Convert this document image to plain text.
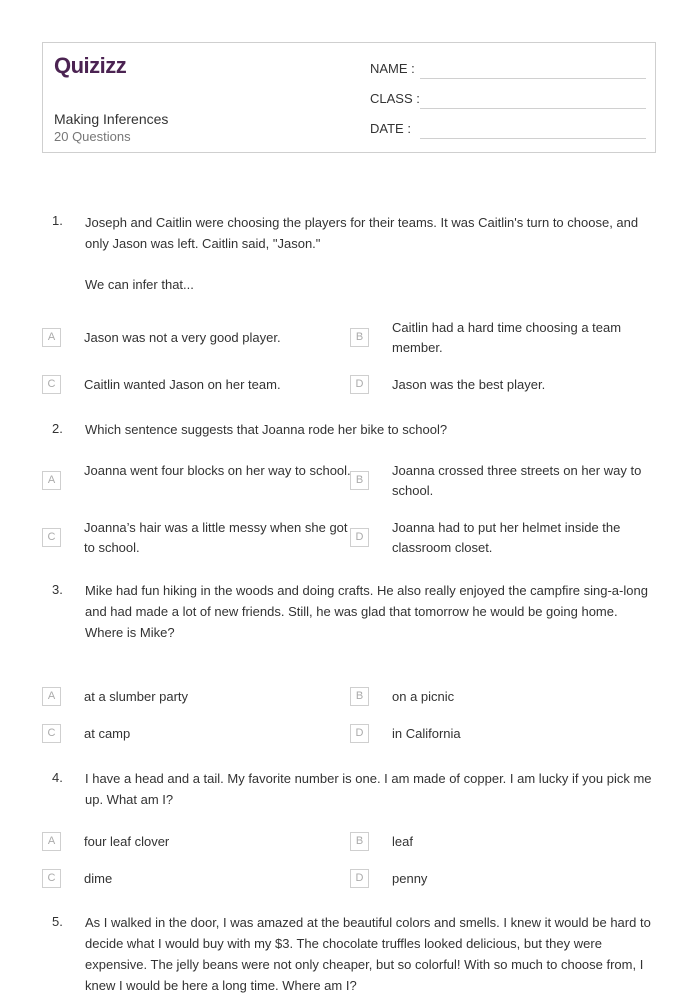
Quizizz
Making Inferences
20 Questions
NAME :
CLASS :
DATE :
1. Joseph and Caitlin were choosing the players for their teams. It was Caitlin's turn to choose, and only Jason was left. Caitlin said, "Jason."

We can infer that...

A	Jason was not a very good player.	B
Caitlin had a hard time choosing a team member.
C	Caitlin wanted Jason on her team.	D	Jason was the best player.
2. Which sentence suggests that Joanna rode her bike to school?
A
Joanna went four blocks on her way to school.
B
Joanna crossed three streets on her way to school.
C
Joanna’s hair was a little messy when she got to school.
D
Joanna had to put her helmet inside the classroom closet.
3. Mike had fun hiking in the woods and doing crafts. He also really enjoyed the campfire sing-a-long and had made a lot of new friends. Still, he was glad that tomorrow he would be going home.

Where is Mike?

A	at a slumber party	B	on a picnic
C	at camp	D	in California
4. I have a head and a tail. My favorite number is one. I am made of copper. I am lucky if you pick me up. What am I?
A	four leaf clover	B	leaf
C	dime	D	penny
5. As I walked in the door, I was amazed at the beautiful colors and smells. I knew it would be hard to decide what I would buy with my $3. The chocolate truffles looked delicious, but they were expensive. The jelly beans were not only cheaper, but so colorful! With so much to choose from, I knew I would be here a long time. Where am I?
